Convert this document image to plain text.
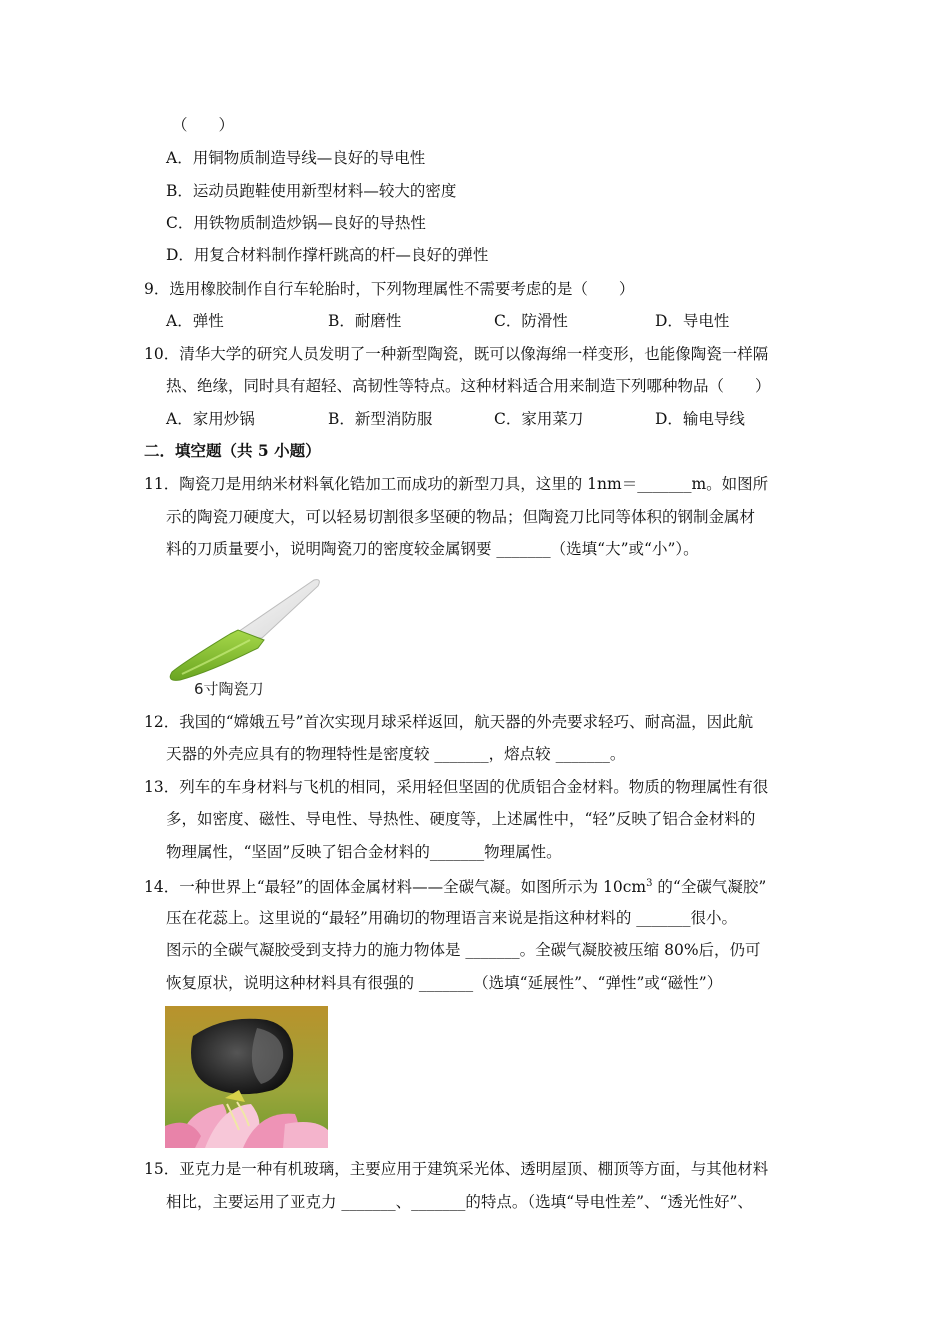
（　　）
A．用铜物质制造导线—良好的导电性
B．运动员跑鞋使用新型材料—较大的密度
C．用铁物质制造炒锅—良好的导热性
D．用复合材料制作撑杆跳高的杆—良好的弹性
9．选用橡胶制作自行车轮胎时，下列物理属性不需要考虑的是（　　）
A．弹性	B．耐磨性	C．防滑性	D．导电性
10．清华大学的研究人员发明了一种新型陶瓷，既可以像海绵一样变形，也能像陶瓷一样隔
热、绝缘，同时具有超轻、高韧性等特点。这种材料适合用来制造下列哪种物品（　　）
A．家用炒锅	B．新型消防服	C．家用菜刀	D．输电导线
二．填空题（共 5 小题）
11．陶瓷刀是用纳米材料氧化锆加工而成功的新型刀具，这里的 1nm＝_______m。如图所
示的陶瓷刀硬度大，可以轻易切割很多坚硬的物品；但陶瓷刀比同等体积的钢制金属材
料的刀质量要小，说明陶瓷刀的密度较金属钢要 _______（选填“大”或“小”）。
6寸陶瓷刀
12．我国的“嫦娥五号”首次实现月球采样返回，航天器的外壳要求轻巧、耐高温，因此航
天器的外壳应具有的物理特性是密度较 _______，熔点较 _______。
13．列车的车身材料与飞机的相同，采用轻但坚固的优质铝合金材料。物质的物理属性有很
多，如密度、磁性、导电性、导热性、硬度等，上述属性中，“轻”反映了铝合金材料的
物理属性，“坚固”反映了铝合金材料的_______物理属性。
14．一种世界上“最轻”的固体金属材料——全碳气凝。如图所示为 $10cm^3$ 的“全碳气凝胶”
压在花蕊上。这里说的“最轻”用确切的物理语言来说是指这种材料的 _______很小。
图示的全碳气凝胶受到支持力的施力物体是 _______。全碳气凝胶被压缩 80%后，仍可
恢复原状，说明这种材料具有很强的 _______（选填“延展性”、“弹性”或“磁性”）
15．亚克力是一种有机玻璃，主要应用于建筑采光体、透明屋顶、棚顶等方面，与其他材料
相比，主要运用了亚克力 _______、_______的特点。（选填“导电性差”、“透光性好”、
